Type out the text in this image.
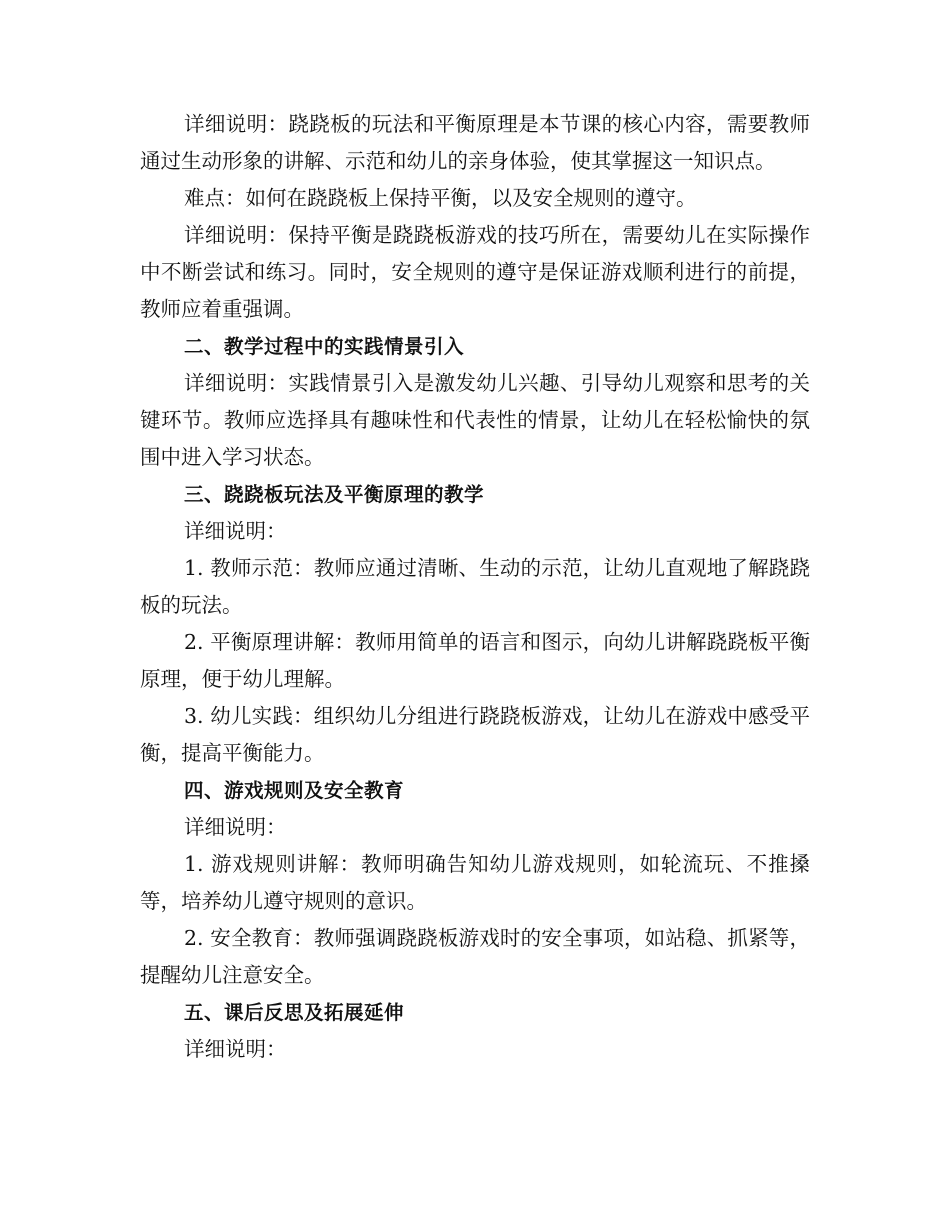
详细说明：跷跷板的玩法和平衡原理是本节课的核心内容，需要教师通过生动形象的讲解、示范和幼儿的亲身体验，使其掌握这一知识点。

难点：如何在跷跷板上保持平衡，以及安全规则的遵守。

详细说明：保持平衡是跷跷板游戏的技巧所在，需要幼儿在实际操作中不断尝试和练习。同时，安全规则的遵守是保证游戏顺利进行的前提，教师应着重强调。

二、教学过程中的实践情景引入

详细说明：实践情景引入是激发幼儿兴趣、引导幼儿观察和思考的关键环节。教师应选择具有趣味性和代表性的情景，让幼儿在轻松愉快的氛围中进入学习状态。

三、跷跷板玩法及平衡原理的教学

详细说明：

1. 教师示范：教师应通过清晰、生动的示范，让幼儿直观地了解跷跷板的玩法。

2. 平衡原理讲解：教师用简单的语言和图示，向幼儿讲解跷跷板平衡原理，便于幼儿理解。

3. 幼儿实践：组织幼儿分组进行跷跷板游戏，让幼儿在游戏中感受平衡，提高平衡能力。

四、游戏规则及安全教育

详细说明：

1. 游戏规则讲解：教师明确告知幼儿游戏规则，如轮流玩、不推搡等，培养幼儿遵守规则的意识。

2. 安全教育：教师强调跷跷板游戏时的安全事项，如站稳、抓紧等，提醒幼儿注意安全。

五、课后反思及拓展延伸

详细说明：
